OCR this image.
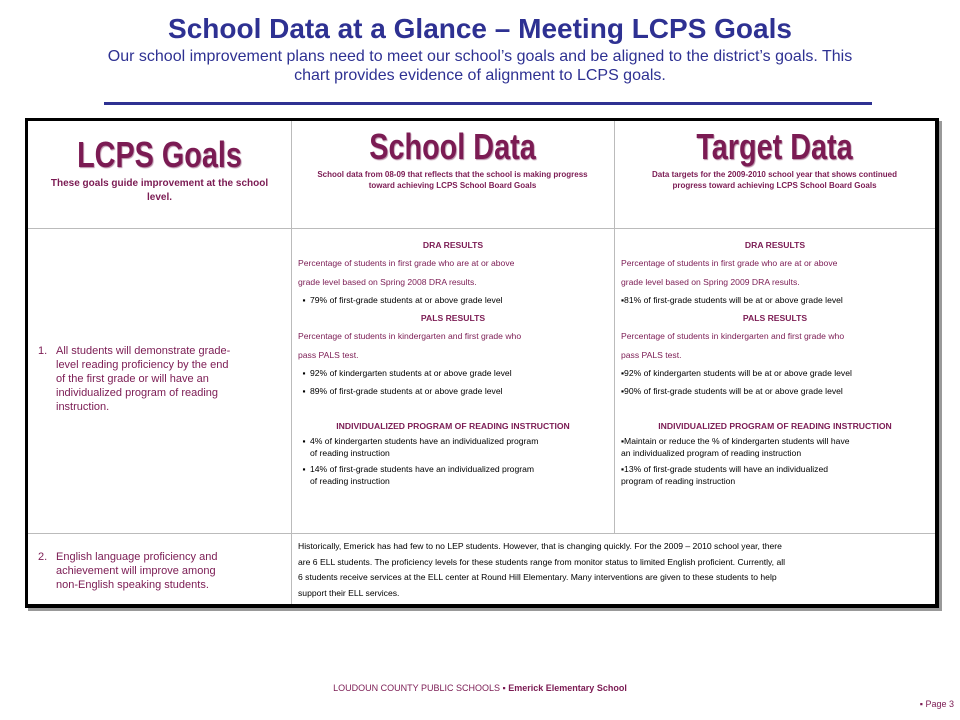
School Data at a Glance – Meeting LCPS Goals
Our school improvement plans need to meet our school’s goals and be aligned to the district’s goals. This
chart provides evidence of alignment to LCPS goals.
LCPS Goals
These goals guide improvement at the school
level.
School Data
School data from 08-09 that reflects that the school is making progress
toward achieving LCPS School Board Goals
Target Data
Data targets for the 2009-2010 school year that shows continued
progress toward achieving LCPS School Board Goals
1. All students will demonstrate grade-
level reading proficiency by the end
of the first grade or will have an
individualized program of reading
instruction.
DRA RESULTS
Percentage of students in first grade who are at or above
grade level based on Spring 2008 DRA results.
▪ 79% of first-grade students at or above grade level
PALS RESULTS
Percentage of students in kindergarten and first grade who
pass PALS test.
▪ 92% of kindergarten students at or above grade level
▪ 89% of first-grade students at or above grade level
INDIVIDUALIZED PROGRAM OF READING INSTRUCTION
▪ 4% of kindergarten students have an individualized program
of reading instruction
▪ 14% of first-grade students have an individualized program
of reading instruction
DRA RESULTS
Percentage of students in first grade who are at or above
grade level based on Spring 2009 DRA results.
▪81% of first-grade students will be at or above grade level
PALS RESULTS
Percentage of students in kindergarten and first grade who
pass PALS test.
▪92% of kindergarten students will be at or above grade level
▪90% of first-grade students will be at or above grade level
INDIVIDUALIZED PROGRAM OF READING INSTRUCTION
▪Maintain or reduce the % of kindergarten students will have
an individualized program of reading instruction
▪13% of first-grade students will have an individualized
program of reading instruction
2. English language proficiency and
achievement will improve among
non-English speaking students.
Historically, Emerick has had few to no LEP students. However, that is changing quickly. For the 2009 – 2010 school year, there
are 6 ELL students. The proficiency levels for these students range from monitor status to limited English proficient. Currently, all
6 students receive services at the ELL center at Round Hill Elementary. Many interventions are given to these students to help
support their ELL services.
LOUDOUN COUNTY PUBLIC SCHOOLS ▪ Emerick Elementary School
▪ Page 3
